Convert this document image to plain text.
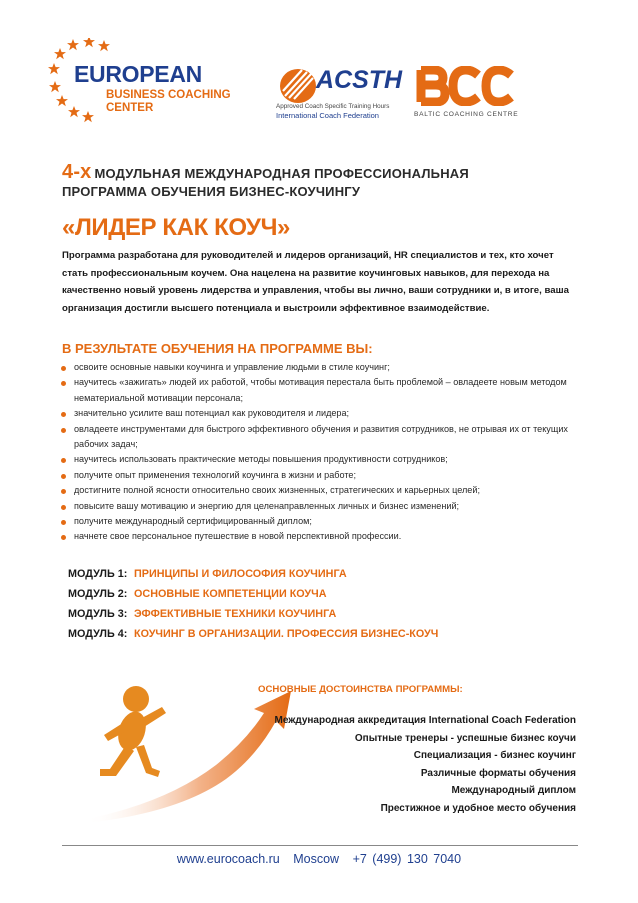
EUROPEAN
BUSINESS COACHING
CENTER
ACSTH
Approved Coach Specific Training Hours
International Coach Federation	BALTIC COACHING CENTRE
4-х МОДУЛЬНАЯ МЕЖДУНАРОДНАЯ ПРОФЕССИОНАЛЬНАЯ
ПРОГРАММА ОБУЧЕНИЯ БИЗНЕС-КОУЧИНГУ
«ЛИДЕР КАК КОУЧ»

Программа разработана для руководителей и лидеров организаций, HR специалистов и тех, кто хочет стать профессиональным коучем. Она нацелена на развитие коучинговых навыков, для перехода на качественно новый уровень лидерства и управления, чтобы вы лично, ваши сотрудники и, в итоге, ваша организация достигли высшего потенциала и выстроили эффективное взаимодействие.

В РЕЗУЛЬТАТЕ ОБУЧЕНИЯ НА ПРОГРАММЕ ВЫ:
освоите основные навыки коучинга и управление людьми в стиле коучинг;
научитесь «зажигать» людей их работой, чтобы мотивация перестала быть проблемой – овладеете новым методом нематериальной мотивации персонала;
значительно усилите ваш потенциал как руководителя и лидера;
овладеете инструментами для быстрого эффективного обучения и развития сотрудников, не отрывая их от текущих рабочих задач;
научитесь использовать практические методы повышения продуктивности сотрудников;
получите опыт применения технологий коучинга в жизни и работе;
достигните полной ясности относительно своих жизненных, стратегических и карьерных целей;
повысите вашу мотивацию и энергию для целенаправленных личных и бизнес изменений;
получите международный сертифицированный диплом;
начнете свое персональное путешествие в новой перспективной профессии.
МОДУЛЬ 1: ПРИНЦИПЫ И ФИЛОСОФИЯ КОУЧИНГА
МОДУЛЬ 2: ОСНОВНЫЕ КОМПЕТЕНЦИИ КОУЧА
МОДУЛЬ 3: ЭФФЕКТИВНЫЕ ТЕХНИКИ КОУЧИНГА
МОДУЛЬ 4: КОУЧИНГ В ОРГАНИЗАЦИИ. ПРОФЕССИЯ БИЗНЕС-КОУЧ
ОСНОВНЫЕ ДОСТОИНСТВА ПРОГРАММЫ:
Международная аккредитация International Coach Federation
Опытные тренеры - успешные бизнес коучи
Специализация - бизнес коучинг
Различные форматы обучения
Международный диплом
Престижное и удобное место обучения
www.eurocoach.ru Moscow +7 (499) 130 7040
